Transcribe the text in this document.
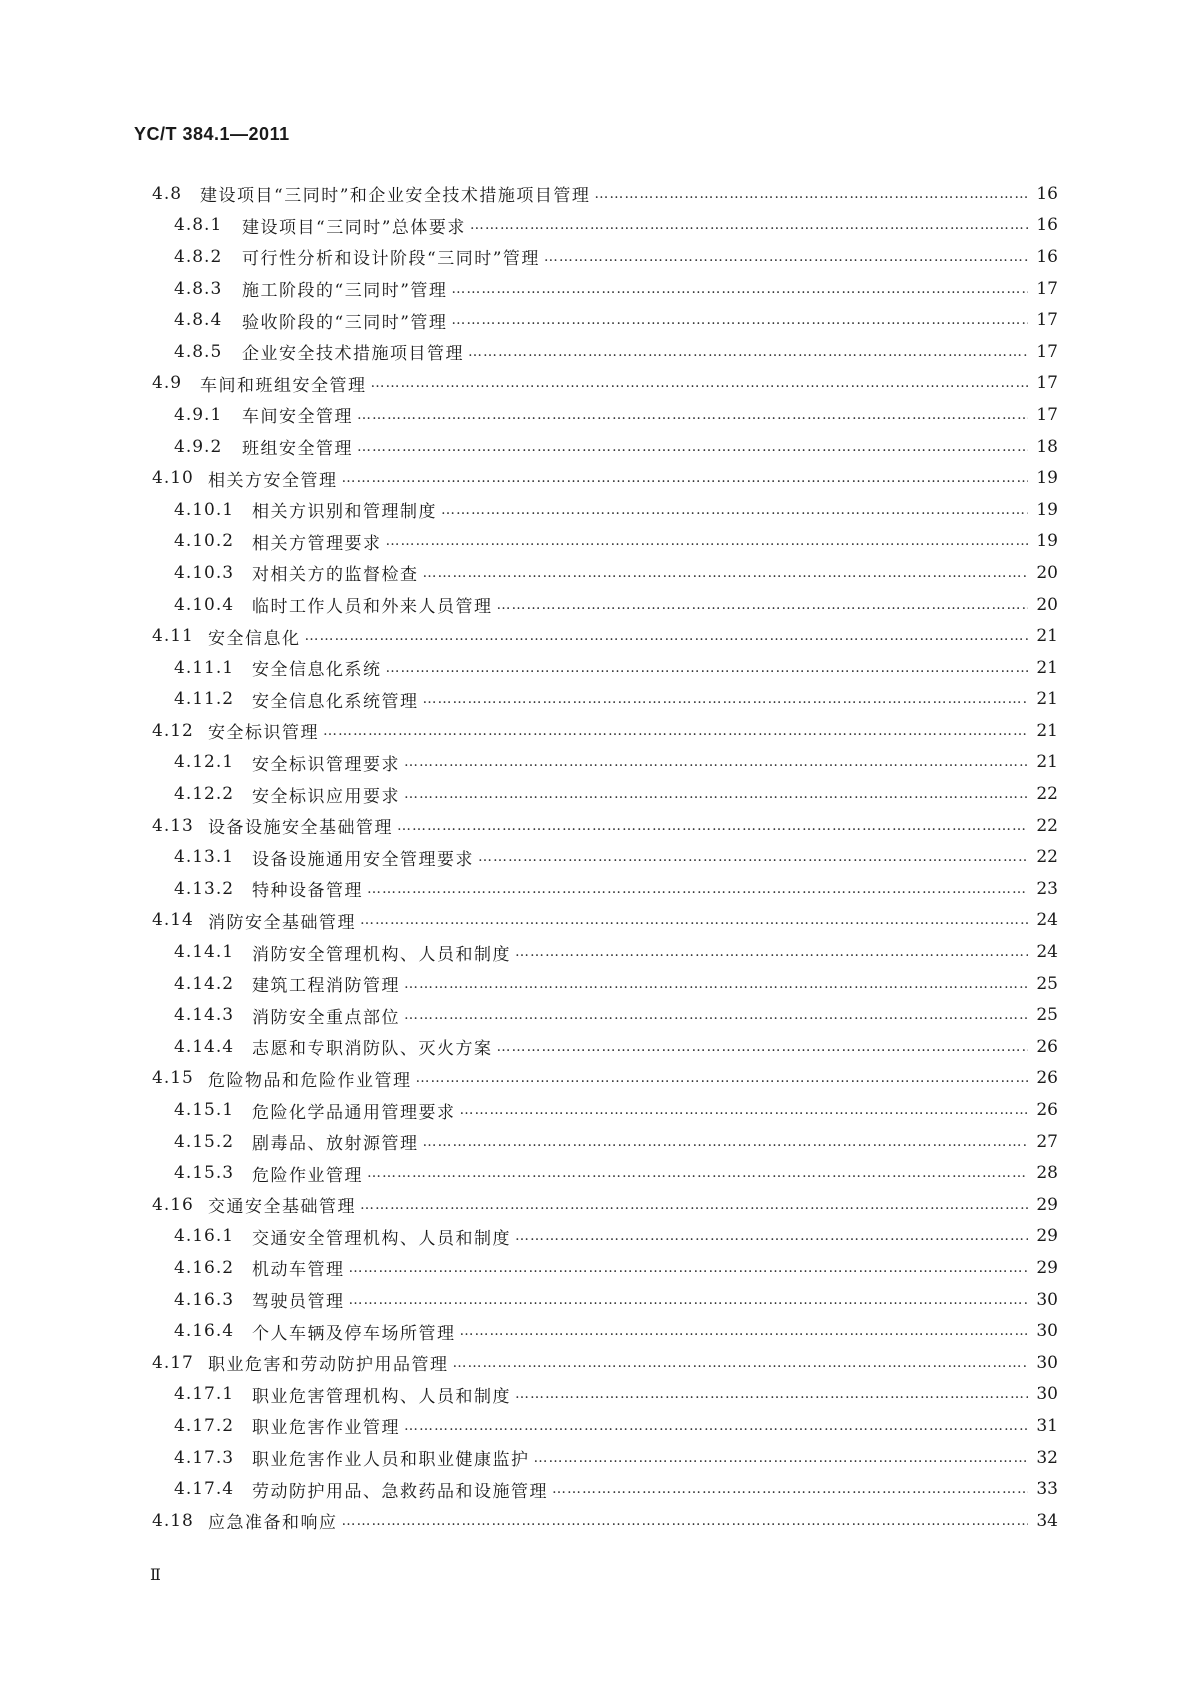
YC/T 384.1—2011
4.8	建设项目“三同时”和企业安全技术措施项目管理 ……………………………………………………………………………………………………………………………………………………………………………………………………………………………………………………………………………………………………	16
4.8.1	建设项目“三同时”总体要求 ……………………………………………………………………………………………………………………………………………………………………………………………………………………………………………………………………………………………………	16
4.8.2	可行性分析和设计阶段“三同时”管理 ……………………………………………………………………………………………………………………………………………………………………………………………………………………………………………………………………………………………………	16
4.8.3	施工阶段的“三同时”管理 ……………………………………………………………………………………………………………………………………………………………………………………………………………………………………………………………………………………………………	17
4.8.4	验收阶段的“三同时”管理 ……………………………………………………………………………………………………………………………………………………………………………………………………………………………………………………………………………………………………	17
4.8.5	企业安全技术措施项目管理 ……………………………………………………………………………………………………………………………………………………………………………………………………………………………………………………………………………………………………	17
4.9	车间和班组安全管理 ……………………………………………………………………………………………………………………………………………………………………………………………………………………………………………………………………………………………………	17
4.9.1	车间安全管理 ……………………………………………………………………………………………………………………………………………………………………………………………………………………………………………………………………………………………………	17
4.9.2	班组安全管理 ……………………………………………………………………………………………………………………………………………………………………………………………………………………………………………………………………………………………………	18
4.10 相关方安全管理 ……………………………………………………………………………………………………………………………………………………………………………………………………………………………………………………………………………………………………	19
4.10.1	相关方识别和管理制度 ……………………………………………………………………………………………………………………………………………………………………………………………………………………………………………………………………………………………………	19
4.10.2	相关方管理要求 ……………………………………………………………………………………………………………………………………………………………………………………………………………………………………………………………………………………………………	19
4.10.3	对相关方的监督检查 ……………………………………………………………………………………………………………………………………………………………………………………………………………………………………………………………………………………………………	20
4.10.4	临时工作人员和外来人员管理 ……………………………………………………………………………………………………………………………………………………………………………………………………………………………………………………………………………………………………	20
4.11 安全信息化 ……………………………………………………………………………………………………………………………………………………………………………………………………………………………………………………………………………………………………	21
4.11.1	安全信息化系统 ……………………………………………………………………………………………………………………………………………………………………………………………………………………………………………………………………………………………………	21
4.11.2	安全信息化系统管理 ……………………………………………………………………………………………………………………………………………………………………………………………………………………………………………………………………………………………………	21
4.12 安全标识管理 ……………………………………………………………………………………………………………………………………………………………………………………………………………………………………………………………………………………………………	21
4.12.1	安全标识管理要求 ……………………………………………………………………………………………………………………………………………………………………………………………………………………………………………………………………………………………………	21
4.12.2	安全标识应用要求 ……………………………………………………………………………………………………………………………………………………………………………………………………………………………………………………………………………………………………	22
4.13 设备设施安全基础管理 ……………………………………………………………………………………………………………………………………………………………………………………………………………………………………………………………………………………………………	22
4.13.1	设备设施通用安全管理要求 ……………………………………………………………………………………………………………………………………………………………………………………………………………………………………………………………………………………………………	22
4.13.2	特种设备管理 ……………………………………………………………………………………………………………………………………………………………………………………………………………………………………………………………………………………………………	23
4.14 消防安全基础管理 ……………………………………………………………………………………………………………………………………………………………………………………………………………………………………………………………………………………………………	24
4.14.1	消防安全管理机构、人员和制度 ……………………………………………………………………………………………………………………………………………………………………………………………………………………………………………………………………………………………………	24
4.14.2	建筑工程消防管理 ……………………………………………………………………………………………………………………………………………………………………………………………………………………………………………………………………………………………………	25
4.14.3	消防安全重点部位 ……………………………………………………………………………………………………………………………………………………………………………………………………………………………………………………………………………………………………	25
4.14.4	志愿和专职消防队、灭火方案 ……………………………………………………………………………………………………………………………………………………………………………………………………………………………………………………………………………………………………	26
4.15 危险物品和危险作业管理 ……………………………………………………………………………………………………………………………………………………………………………………………………………………………………………………………………………………………………	26
4.15.1	危险化学品通用管理要求 ……………………………………………………………………………………………………………………………………………………………………………………………………………………………………………………………………………………………………	26
4.15.2	剧毒品、放射源管理 ……………………………………………………………………………………………………………………………………………………………………………………………………………………………………………………………………………………………………	27
4.15.3	危险作业管理 ……………………………………………………………………………………………………………………………………………………………………………………………………………………………………………………………………………………………………	28
4.16 交通安全基础管理 ……………………………………………………………………………………………………………………………………………………………………………………………………………………………………………………………………………………………………	29
4.16.1	交通安全管理机构、人员和制度 ……………………………………………………………………………………………………………………………………………………………………………………………………………………………………………………………………………………………………	29
4.16.2	机动车管理 ……………………………………………………………………………………………………………………………………………………………………………………………………………………………………………………………………………………………………	29
4.16.3	驾驶员管理 ……………………………………………………………………………………………………………………………………………………………………………………………………………………………………………………………………………………………………	30
4.16.4	个人车辆及停车场所管理 ……………………………………………………………………………………………………………………………………………………………………………………………………………………………………………………………………………………………………	30
4.17 职业危害和劳动防护用品管理 ……………………………………………………………………………………………………………………………………………………………………………………………………………………………………………………………………………………………………	30
4.17.1	职业危害管理机构、人员和制度 ……………………………………………………………………………………………………………………………………………………………………………………………………………………………………………………………………………………………………	30
4.17.2	职业危害作业管理 ……………………………………………………………………………………………………………………………………………………………………………………………………………………………………………………………………………………………………	31
4.17.3	职业危害作业人员和职业健康监护 ……………………………………………………………………………………………………………………………………………………………………………………………………………………………………………………………………………………………………	32
4.17.4	劳动防护用品、急救药品和设施管理 ……………………………………………………………………………………………………………………………………………………………………………………………………………………………………………………………………………………………………	33
4.18 应急准备和响应 ……………………………………………………………………………………………………………………………………………………………………………………………………………………………………………………………………………………………………	34
Ⅱ
